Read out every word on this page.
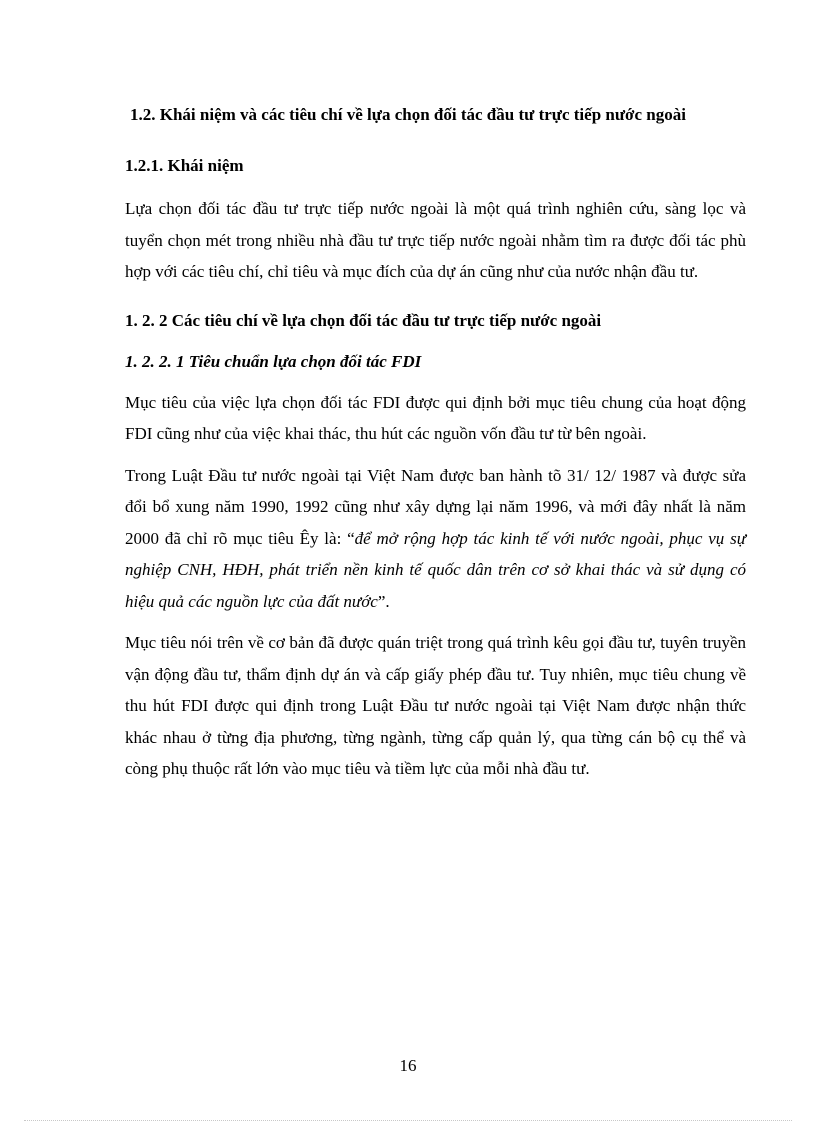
1.2. Khái niệm và các tiêu chí về lựa chọn đối tác đầu tư trực tiếp nước ngoài
1.2.1. Khái niệm

Lựa chọn đối tác đầu tư trực tiếp nước ngoài là một quá trình nghiên cứu, sàng lọc và tuyển chọn mét trong nhiều nhà đầu tư trực tiếp nước ngoài nhằm tìm ra được đối tác phù hợp với các tiêu chí, chỉ tiêu và mục đích của dự án cũng như của nước nhận đầu tư.

1. 2. 2 Các tiêu chí về lựa chọn đối tác đầu tư trực tiếp nước ngoài
1. 2. 2. 1 Tiêu chuẩn lựa chọn đối tác FDI

Mục tiêu của việc lựa chọn đối tác FDI được qui định bởi mục tiêu chung của hoạt động FDI cũng như của việc khai thác, thu hút các nguồn vốn đầu tư từ bên ngoài.

Trong Luật Đầu tư nước ngoài tại Việt Nam được ban hành tõ 31/ 12/ 1987 và được sửa đổi bổ xung năm 1990, 1992 cũng như xây dựng lại năm 1996, và mới đây nhất là năm 2000 đã chỉ rõ mục tiêu Êy là: “để mở rộng hợp tác kinh tế với nước ngoài, phục vụ sự nghiệp CNH, HĐH, phát triển nền kinh tế quốc dân trên cơ sở khai thác và sử dụng có hiệu quả các nguồn lực của đất nước”.

Mục tiêu nói trên về cơ bản đã được quán triệt trong quá trình kêu gọi đầu tư, tuyên truyền vận động đầu tư, thẩm định dự án và cấp giấy phép đầu tư. Tuy nhiên, mục tiêu chung về thu hút FDI được qui định trong Luật Đầu tư nước ngoài tại Việt Nam được nhận thức khác nhau ở từng địa phương, từng ngành, từng cấp quản lý, qua từng cán bộ cụ thể và còng phụ thuộc rất lớn vào mục tiêu và tiềm lực của mỗi nhà đầu tư.

16
